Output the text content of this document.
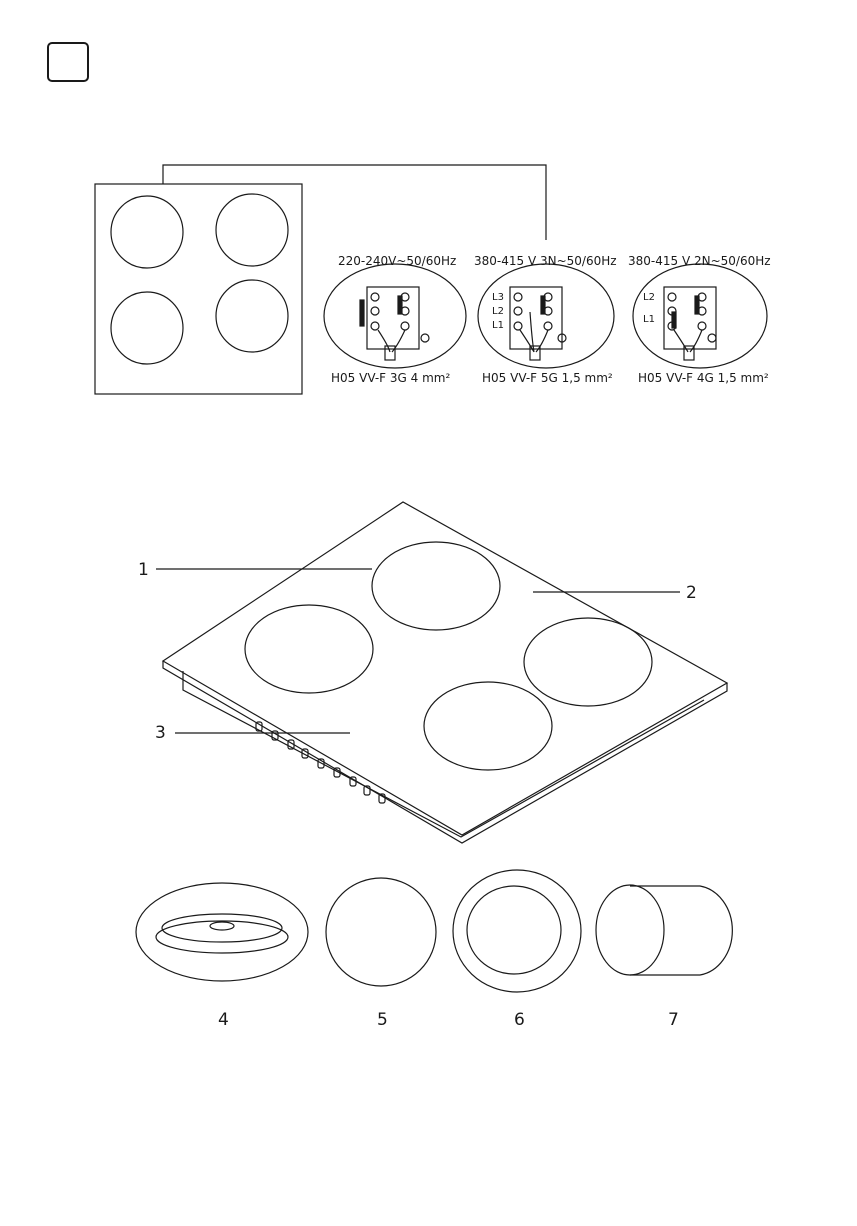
220-240V~50/60Hz
H05 VV-F 3G 4 mm²
380-415 V 3N~50/60Hz
H05 VV-F 5G 1,5 mm²
380-415 V 2N~50/60Hz
H05 VV-F 4G 1,5 mm²
L3
L2
L1
L2
L1
1
2
3
4	5	6	7
